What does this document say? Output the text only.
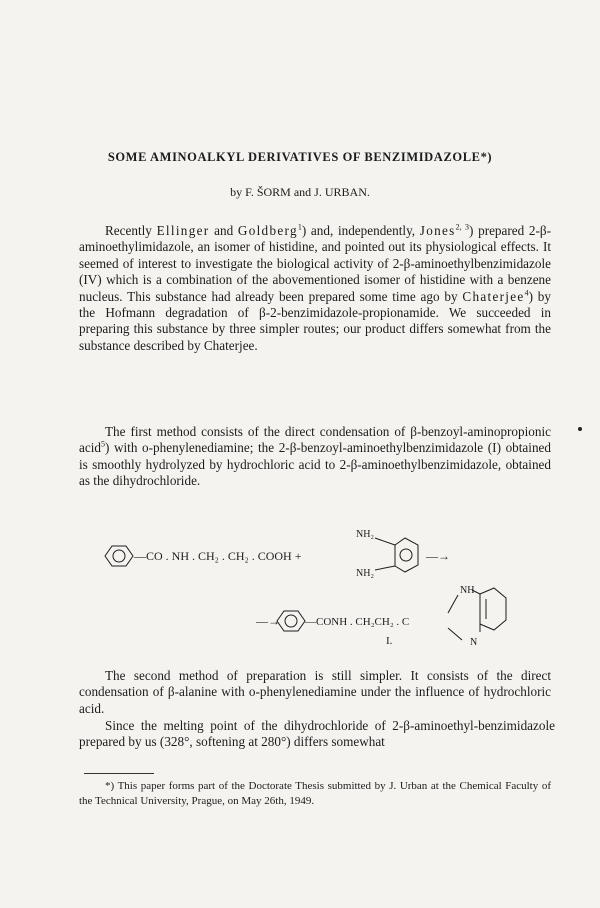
SOME AMINOALKYL DERIVATIVES OF BENZIMIDAZOLE*)
by F. ŠORM and J. URBAN.

Recently Ellinger and Goldberg$^1$) and, independently, Jones$^{2, 3}$) prepared 2-β-aminoethylimidazole, an isomer of histidine, and pointed out its physiological effects. It seemed of interest to investigate the biological activity of 2-β-aminoethylbenzimidazole (IV) which is a combination of the abovementioned isomer of histidine with a benzene nucleus. This substance had already been prepared some time ago by Chaterjee$^4$) by the Hofmann degradation of β-2-benzimidazole-propionamide. We succeeded in preparing this substance by three simpler routes; our product differs somewhat from the substance described by Chaterjee.

The first method consists of the direct condensation of β-benzoyl-aminopropionic acid$^5$) with o-phenylenediamine; the 2-β-benzoyl-aminoethylbenzimidazole (I) obtained is smoothly hydrolyzed by hydrochloric acid to 2-β-aminoethylbenzimidazole, obtained as the dihydrochloride.

—CO . NH . CH₂ . CH₂ . COOH +
NH₂
NH₂
—→
—→ —CONH . CH₂CH₂ . C
NH
N
I.

The second method of preparation is still simpler. It consists of the direct condensation of β-alanine with o-phenylenediamine under the influence of hydrochloric acid.

Since the melting point of the dihydrochloride of 2-β-aminoethyl-benzimidazole prepared by us (328°, softening at 280°) differs somewhat

*) This paper forms part of the Doctorate Thesis submitted by J. Urban at the Chemical Faculty of the Technical University, Prague, on May 26th, 1949.
